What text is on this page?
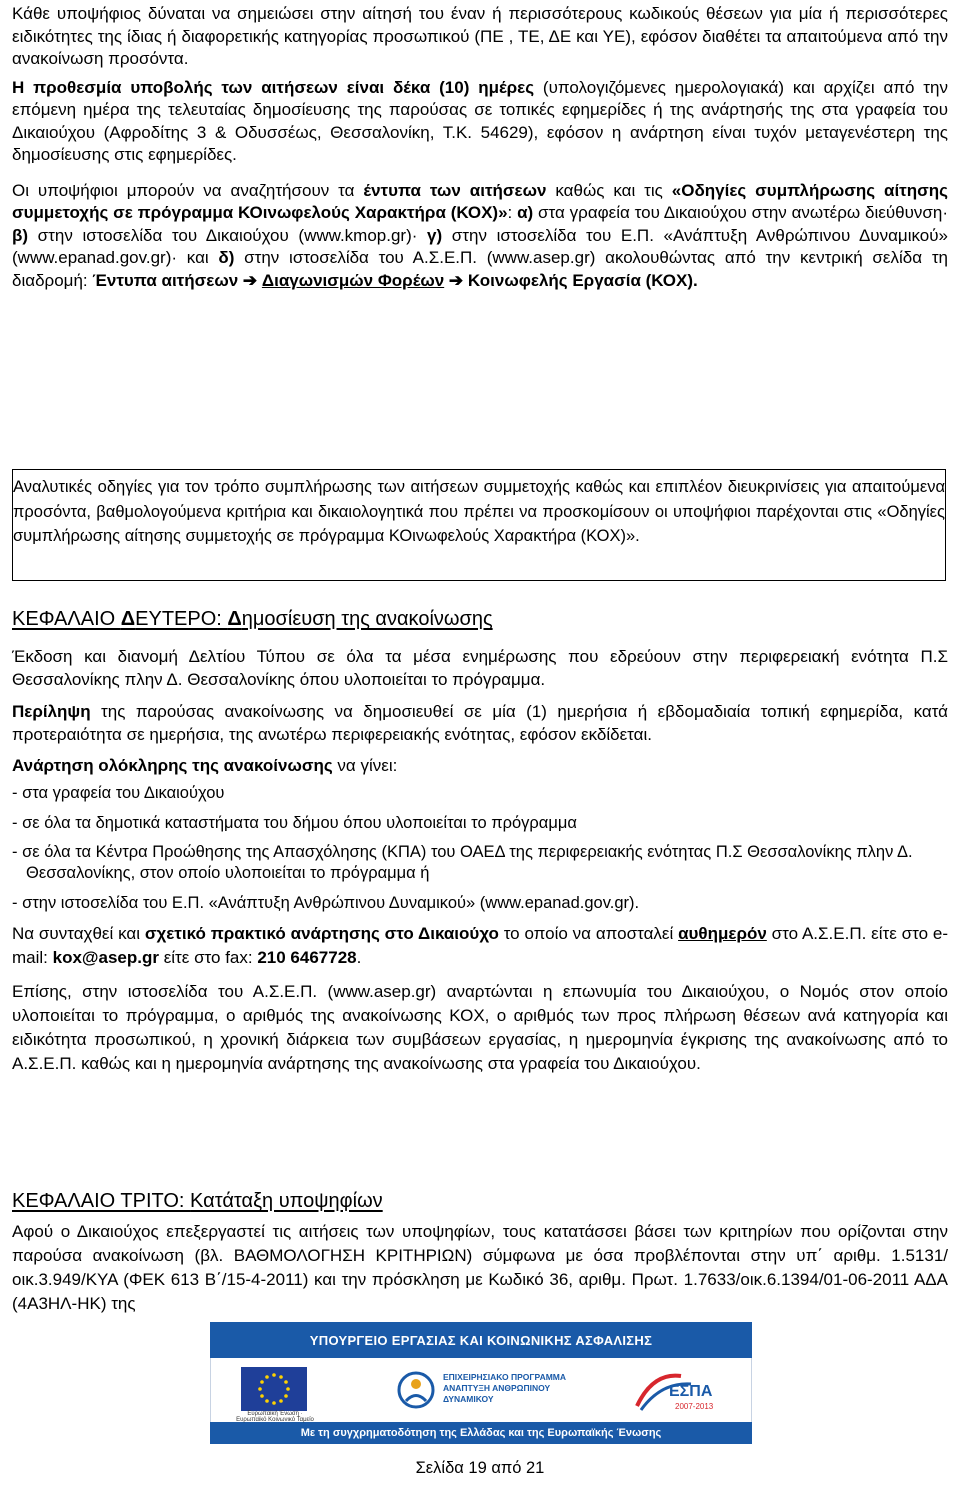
Κάθε υποψήφιος δύναται να σημειώσει στην αίτησή του έναν ή περισσότερους κωδικούς θέσεων για μία ή περισσότερες ειδικότητες της ίδιας ή διαφορετικής κατηγορίας προσωπικού (ΠΕ , ΤΕ, ΔΕ και ΥΕ), εφόσον διαθέτει τα απαιτούμενα από την ανακοίνωση προσόντα.

Η προθεσμία υποβολής των αιτήσεων είναι δέκα (10) ημέρες (υπολογιζόμενες ημερολογιακά) και αρχίζει από την επόμενη ημέρα της τελευταίας δημοσίευσης της παρούσας σε τοπικές εφημερίδες ή της ανάρτησής της στα γραφεία του Δικαιούχου (Αφροδίτης 3 & Οδυσσέως, Θεσσαλονίκη, Τ.Κ. 54629), εφόσον η ανάρτηση είναι τυχόν μεταγενέστερη της δημοσίευσης στις εφημερίδες.

Οι υποψήφιοι μπορούν να αναζητήσουν τα έντυπα των αιτήσεων καθώς και τις «Οδηγίες συμπλήρωσης αίτησης συμμετοχής σε πρόγραμμα ΚΟινωφελούς Χαρακτήρα (ΚΟΧ)»: α) στα γραφεία του Δικαιούχου στην ανωτέρω διεύθυνση· β) στην ιστοσελίδα του Δικαιούχου (www.kmop.gr)· γ) στην ιστοσελίδα του Ε.Π. «Ανάπτυξη Ανθρώπινου Δυναμικού» (www.epanad.gov.gr)· και δ) στην ιστοσελίδα του Α.Σ.Ε.Π. (www.asep.gr) ακολουθώντας από την κεντρική σελίδα τη διαδρομή: Έντυπα αιτήσεων ➔ Διαγωνισμών Φορέων ➔ Κοινωφελής Εργασία (ΚΟΧ).

Αναλυτικές οδηγίες για τον τρόπο συμπλήρωσης των αιτήσεων συμμετοχής καθώς και επιπλέον διευκρινίσεις για απαιτούμενα προσόντα, βαθμολογούμενα κριτήρια και δικαιολογητικά που πρέπει να προσκομίσουν οι υποψήφιοι παρέχονται στις «Οδηγίες συμπλήρωσης αίτησης συμμετοχής σε πρόγραμμα ΚΟινωφελούς Χαρακτήρα (ΚΟΧ)».

ΚΕΦΑΛΑΙΟ ΔΕΥΤΕΡΟ: Δημοσίευση της ανακοίνωσης

Έκδοση και διανομή Δελτίου Τύπου σε όλα τα μέσα ενημέρωσης που εδρεύουν στην περιφερειακή ενότητα Π.Σ Θεσσαλονίκης πλην Δ. Θεσσαλονίκης όπου υλοποιείται το πρόγραμμα.

Περίληψη της παρούσας ανακοίνωσης να δημοσιευθεί σε μία (1) ημερήσια ή εβδομαδιαία τοπική εφημερίδα, κατά προτεραιότητα σε ημερήσια, της ανωτέρω περιφερειακής ενότητας, εφόσον εκδίδεται.

Ανάρτηση ολόκληρης της ανακοίνωσης να γίνει:

- στα γραφεία του Δικαιούχου
- σε όλα τα δημοτικά καταστήματα του δήμου όπου υλοποιείται το πρόγραμμα
- σε όλα τα Κέντρα Προώθησης της Απασχόλησης (ΚΠΑ) του ΟΑΕΔ της περιφερειακής ενότητας Π.Σ Θεσσαλονίκης πλην Δ. Θεσσαλονίκης, στον οποίο υλοποιείται το πρόγραμμα ή
- στην ιστοσελίδα του Ε.Π. «Ανάπτυξη Ανθρώπινου Δυναμικού» (www.epanad.gov.gr).

Να συνταχθεί και σχετικό πρακτικό ανάρτησης στο Δικαιούχο το οποίο να αποσταλεί αυθημερόν στο Α.Σ.Ε.Π. είτε στο e-mail: kox@asep.gr είτε στο fax: 210 6467728.

Επίσης, στην ιστοσελίδα του Α.Σ.Ε.Π. (www.asep.gr) αναρτώνται η επωνυμία του Δικαιούχου, ο Νομός στον οποίο υλοποιείται το πρόγραμμα, ο αριθμός της ανακοίνωσης ΚΟΧ, ο αριθμός των προς πλήρωση θέσεων ανά κατηγορία και ειδικότητα προσωπικού, η χρονική διάρκεια των συμβάσεων εργασίας, η ημερομηνία έγκρισης της ανακοίνωσης από το Α.Σ.Ε.Π. καθώς και η ημερομηνία ανάρτησης της ανακοίνωσης στα γραφεία του Δικαιούχου.

ΚΕΦΑΛΑΙΟ ΤΡΙΤΟ: Κατάταξη υποψηφίων

Αφού ο Δικαιούχος επεξεργαστεί τις αιτήσεις των υποψηφίων, τους κατατάσσει βάσει των κριτηρίων που ορίζονται στην παρούσα ανακοίνωση (βλ. ΒΑΘΜΟΛΟΓΗΣΗ ΚΡΙΤΗΡΙΩΝ) σύμφωνα με όσα προβλέπονται στην υπ΄ αριθμ. 1.5131/οικ.3.949/ΚΥΑ (ΦΕΚ 613 Β΄/15-4-2011) και την πρόσκληση με Κωδικό 36, αριθμ. Πρωτ. 1.7633/οικ.6.1394/01-06-2011 ΑΔΑ (4Α3ΗΛ-ΗΚ) της

ΥΠΟΥΡΓΕΙΟ ΕΡΓΑΣΙΑΣ ΚΑΙ ΚΟΙΝΩΝΙΚΗΣ ΑΣΦΑΛΙΣΗΣ
Ευρωπαϊκή Ένωση · Ευρωπαϊκό Κοινωνικό Ταμείο
ΕΠΙΧΕΙΡΗΣΙΑΚΟ ΠΡΟΓΡΑΜΜΑ ΑΝΑΠΤΥΞΗ ΑΝΘΡΩΠΙΝΟΥ ΔΥΝΑΜΙΚΟΥ	ΕΣΠΑ
2007-2013
Με τη συγχρηματοδότηση της Ελλάδας και της Ευρωπαϊκής Ένωσης
Σελίδα 19 από 21
